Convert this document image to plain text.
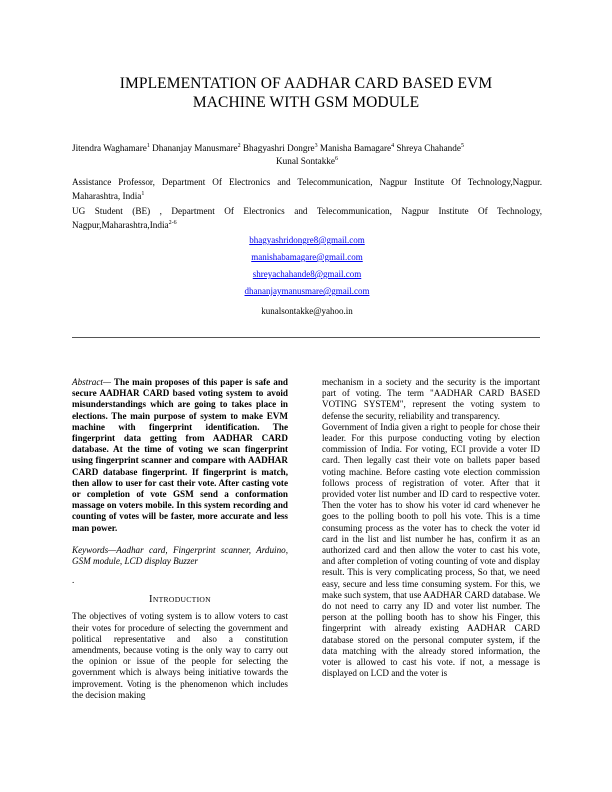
IMPLEMENTATION OF AADHAR CARD BASED EVM
MACHINE WITH GSM MODULE
Jitendra Waghamare$^1$ Dhananjay Manusmare$^2$ Bhagyashri Dongre$^3$ Manisha Bamagare$^4$ Shreya Chahande$^5$
Kunal Sontakke$^6$
Assistance Professor, Department Of Electronics and Telecommunication, Nagpur Institute Of Technology,Nagpur. Maharashtra, India$^1$
UG Student (BE) , Department Of Electronics and Telecommunication, Nagpur Institute Of Technology, Nagpur,Maharashtra,India$^{2-6}$
bhagyashridongre8@gmail.com
manishabamagare@gmail.com
shreyachahande8@gmail.com
dhananjaymanusmare@gmail.com
kunalsontakke@yahoo.in

Abstract— The main proposes of this paper is safe and secure AADHAR CARD based voting system to avoid misunderstandings which are going to takes place in elections. The main purpose of system to make EVM machine with fingerprint identification. The fingerprint data getting from AADHAR CARD database. At the time of voting we scan fingerprint using fingerprint scanner and compare with AADHAR CARD database fingerprint. If fingerprint is match, then allow to user for cast their vote. After casting vote or completion of vote GSM send a conformation massage on voters mobile. In this system recording and counting of votes will be faster, more accurate and less man power.

Keywords—Aadhar card, Fingerprint scanner, Arduino, GSM module, LCD display Buzzer

.

INTRODUCTION

The objectives of voting system is to allow voters to cast their votes for procedure of selecting the government and political representative and also a constitution amendments, because voting is the only way to carry out the opinion or issue of the people for selecting the government which is always being initiative towards the improvement. Voting is the phenomenon which includes the decision making

mechanism in a society and the security is the important part of voting. The term "AADHAR CARD BASED VOTING SYSTEM", represent the voting system to defense the security, reliability and transparency.

Government of India given a right to people for chose their leader. For this purpose conducting voting by election commission of India. For voting, ECI provide a voter ID card. Then legally cast their vote on ballets paper based voting machine. Before casting vote election commission follows process of registration of voter. After that it provided voter list number and ID card to respective voter. Then the voter has to show his voter id card whenever he goes to the polling booth to poll his vote. This is a time consuming process as the voter has to check the voter id card in the list and list number he has, confirm it as an authorized card and then allow the voter to cast his vote, and after completion of voting counting of vote and display result. This is very complicating process, So that, we need easy, secure and less time consuming system. For this, we make such system, that use AADHAR CARD database. We do not need to carry any ID and voter list number. The person at the polling booth has to show his Finger, this fingerprint with already existing AADHAR CARD database stored on the personal computer system, if the data matching with the already stored information, the voter is allowed to cast his vote. if not, a message is displayed on LCD and the voter is
